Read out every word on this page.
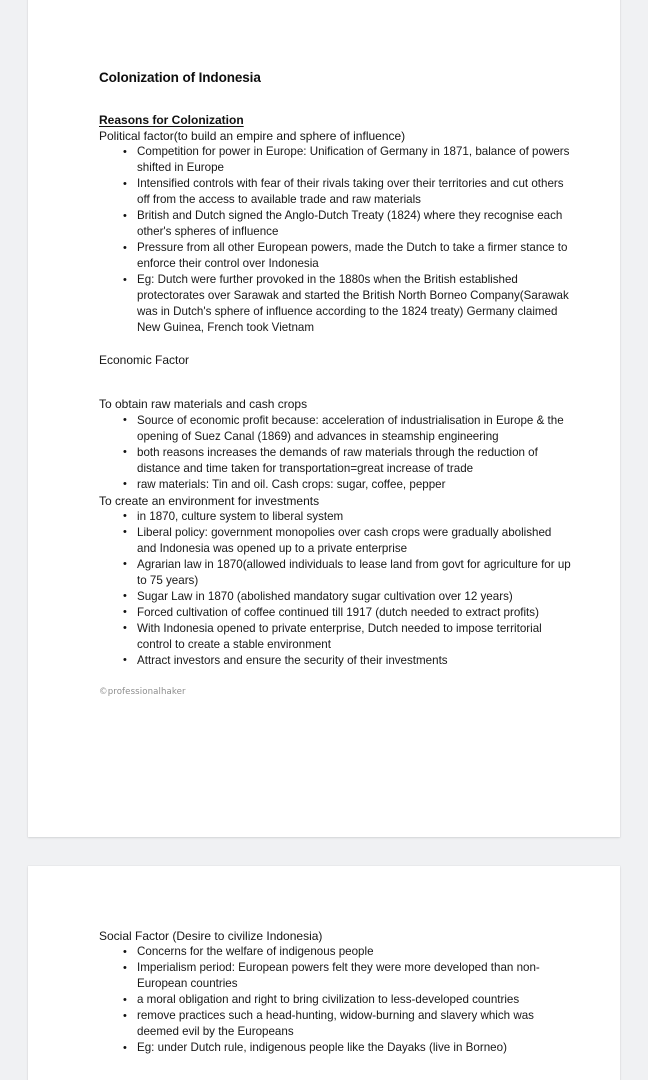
Colonization of Indonesia

Reasons for Colonization

Political factor(to build an empire and sphere of influence)

• Competition for power in Europe: Unification of Germany in 1871, balance of powers shifted in Europe
• Intensified controls with fear of their rivals taking over their territories and cut others off from the access to available trade and raw materials
• British and Dutch signed the Anglo-Dutch Treaty (1824) where they recognise each other's spheres of influence
• Pressure from all other European powers, made the Dutch to take a firmer stance to enforce their control over Indonesia
• Eg: Dutch were further provoked in the 1880s when the British established protectorates over Sarawak and started the British North Borneo Company(Sarawak was in Dutch's sphere of influence according to the 1824 treaty) Germany claimed New Guinea, French took Vietnam

Economic Factor

To obtain raw materials and cash crops

• Source of economic profit because: acceleration of industrialisation in Europe & the opening of Suez Canal (1869) and advances in steamship engineering
• both reasons increases the demands of raw materials through the reduction of distance and time taken for transportation=great increase of trade
• raw materials: Tin and oil. Cash crops: sugar, coffee, pepper

To create an environment for investments

• in 1870, culture system to liberal system
• Liberal policy: government monopolies over cash crops were gradually abolished and Indonesia was opened up to a private enterprise
• Agrarian law in 1870(allowed individuals to lease land from govt for agriculture for up to 75 years)
• Sugar Law in 1870 (abolished mandatory sugar cultivation over 12 years)
• Forced cultivation of coffee continued till 1917 (dutch needed to extract profits)
• With Indonesia opened to private enterprise, Dutch needed to impose territorial control to create a stable environment
• Attract investors and ensure the security of their investments

©professionalhaker

Social Factor (Desire to civilize Indonesia)

• Concerns for the welfare of indigenous people
• Imperialism period: European powers felt they were more developed than non-European countries
• a moral obligation and right to bring civilization to less-developed countries
• remove practices such a head-hunting, widow-burning and slavery which was deemed evil by the Europeans
• Eg: under Dutch rule, indigenous people like the Dayaks (live in Borneo)
